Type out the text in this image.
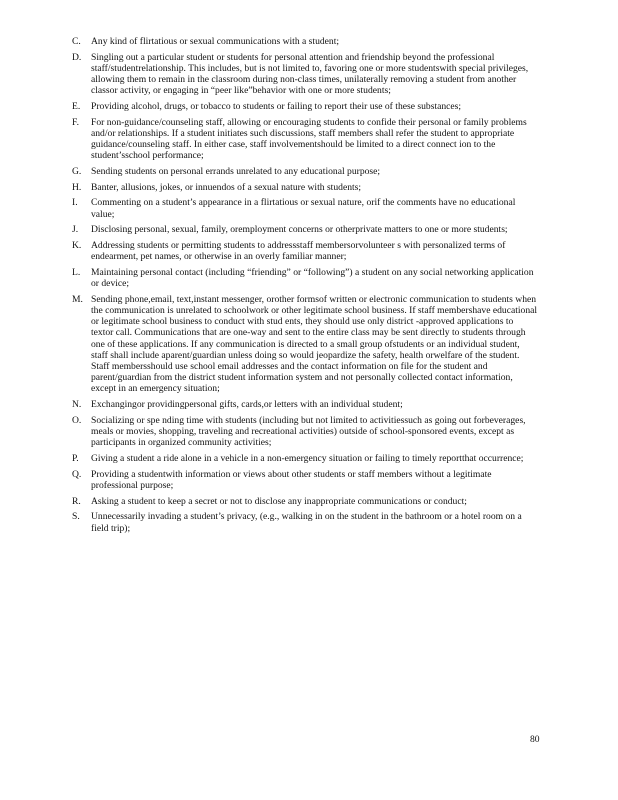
C.	Any kind of flirtatious or sexual communications with a student;
D.	Singling out a particular student or students for personal attention and friendship beyond the professional staff/studentrelationship. This includes, but is not limited to, favoring one or more studentswith special privileges, allowing them to remain in the classroom during non-class times, unilaterally removing a student from another classor activity, or engaging in “peer like”behavior with one or more students;
E.	Providing alcohol, drugs, or tobacco to students or failing to report their use of these substances;
F.	For non-guidance/counseling staff, allowing or encouraging students to confide their personal or family problems and/or relationships. If a student initiates such discussions, staff members shall refer the student to appropriate guidance/counseling staff. In either case, staff involvementshould be limited to a direct connect ion to the student’sschool performance;
G.	Sending students on personal errands unrelated to any educational purpose;
H.	Banter, allusions, jokes, or innuendos of a sexual nature with students;
I.	Commenting on a student’s appearance in a flirtatious or sexual nature, orif the comments have no educational value;
J.	Disclosing personal, sexual, family, oremployment concerns or otherprivate matters to one or more students;
K.	Addressing students or permitting students to addressstaff membersorvolunteer s with personalized terms of endearment, pet names, or otherwise in an overly familiar manner;
L.	Maintaining personal contact (including “friending” or “following”) a student on any social networking application or device;
M. Sending phone,email, text,instant messenger, orother formsof written or electronic communication to students when the communication is unrelated to schoolwork or other legitimate school business. If staff membershave educational or legitimate school business to conduct with stud ents, they should use only district -approved applications to textor call. Communications that are one-way and sent to the entire class may be sent directly to students through one of these applications. If any communication is directed to a small group ofstudents or an individual student, staff shall include aparent/guardian unless doing so would jeopardize the safety, health orwelfare of the student. Staff membersshould use school email addresses and the contact information on file for the student and parent/guardian from the district student information system and not personally collected contact information, except in an emergency situation;
N.	Exchangingor providingpersonal gifts, cards,or letters with an individual student;
O.	Socializing or spe nding time with students (including but not limited to activitiessuch as going out forbeverages, meals or movies, shopping, traveling and recreational activities) outside of school-sponsored events, except as participants in organized community activities;
P.	Giving a student a ride alone in a vehicle in a non-emergency situation or failing to timely reportthat occurrence;
Q.	Providing a studentwith information or views about other students or staff members without a legitimate professional purpose;
R.	Asking a student to keep a secret or not to disclose any inappropriate communications or conduct;
S.	Unnecessarily invading a student’s privacy, (e.g., walking in on the student in the bathroom or a hotel room on a field trip);
80
